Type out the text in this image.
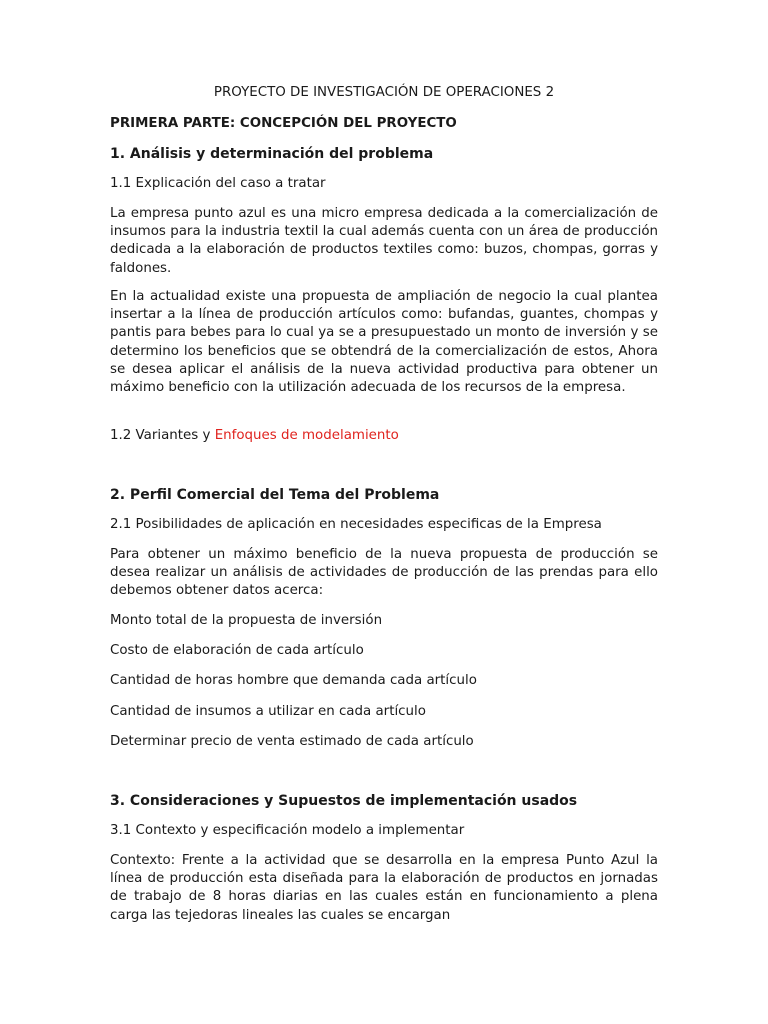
PROYECTO DE INVESTIGACIÓN DE OPERACIONES 2
PRIMERA PARTE: CONCEPCIÓN DEL PROYECTO
1. Análisis y determinación del problema
1.1 Explicación del caso a tratar
La empresa punto azul es una micro empresa dedicada a la comercialización de insumos para la industria textil la cual además cuenta con un área de producción dedicada a la elaboración de productos textiles como: buzos, chompas, gorras y faldones.
En la actualidad existe una propuesta de ampliación de negocio la cual plantea insertar a la línea de producción artículos como: bufandas, guantes, chompas y pantis para bebes para lo cual ya se a presupuestado un monto de inversión y se determino los beneficios que se obtendrá de la comercialización de estos, Ahora se desea aplicar el análisis de la nueva actividad productiva para obtener un máximo beneficio con la utilización adecuada de los recursos de la empresa.
1.2 Variantes y Enfoques de modelamiento
2. Perfil Comercial del Tema del Problema
2.1 Posibilidades de aplicación en necesidades especificas de la Empresa
Para obtener un máximo beneficio de la nueva propuesta de producción se desea realizar un análisis de actividades de producción de las prendas para ello debemos obtener datos acerca:
Monto total de la propuesta de inversión
Costo de elaboración de cada artículo
Cantidad de horas hombre que demanda cada artículo
Cantidad de insumos a utilizar en cada artículo
Determinar precio de venta estimado de cada artículo
3. Consideraciones y Supuestos de implementación usados
3.1 Contexto y especificación modelo a implementar
Contexto: Frente a la actividad que se desarrolla en la empresa Punto Azul la línea de producción esta diseñada para la elaboración de productos en jornadas de trabajo de 8 horas diarias en las cuales están en funcionamiento a plena carga las tejedoras lineales las cuales se encargan
